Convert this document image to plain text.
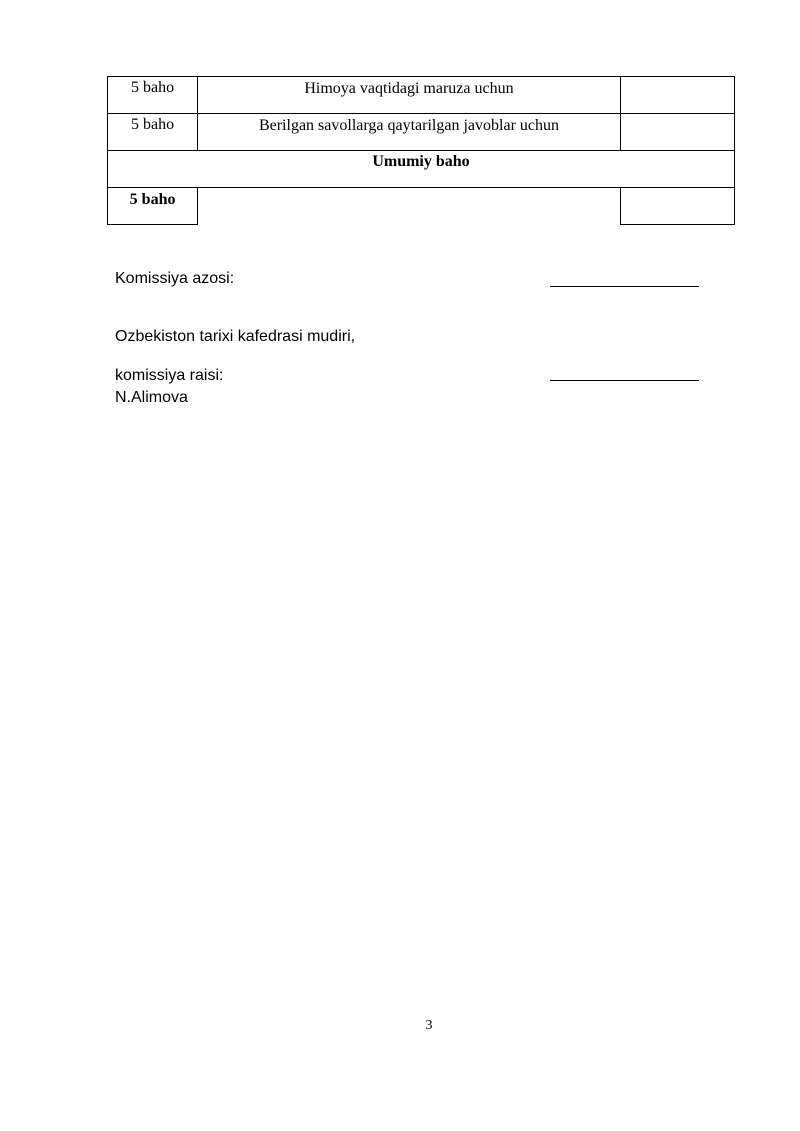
5 baho	Himoya vaqtidagi maruza uchun	
5 baho	Berilgan savollarga qaytarilgan javoblar uchun	
Umumiy baho		
5 baho		
Komissiya azosi:
Ozbekiston tarixi kafedrasi mudiri,
komissiya raisi:
N.Alimova
3
